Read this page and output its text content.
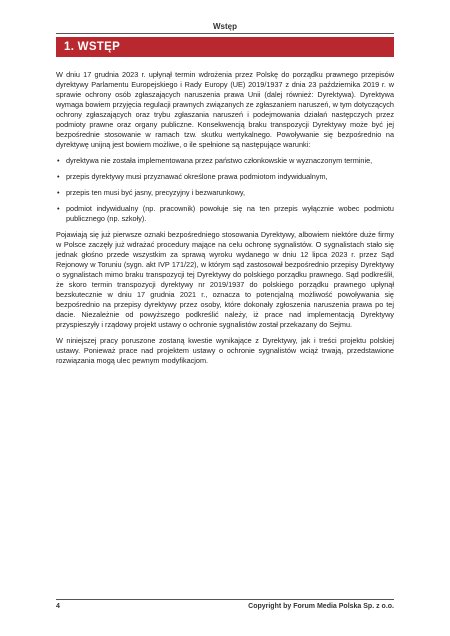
Wstęp
1. WSTĘP

W dniu 17 grudnia 2023 r. upłynął termin wdrożenia przez Polskę do porządku prawnego przepisów dyrektywy Parlamentu Europejskiego i Rady Europy (UE) 2019/1937 z dnia 23 października 2019 r. w sprawie ochrony osób zgłaszających naruszenia prawa Unii (dalej również: Dyrektywa). Dyrektywa wymaga bowiem przyjęcia regulacji prawnych związanych ze zgłaszaniem naruszeń, w tym dotyczących ochrony zgłaszających oraz trybu zgłaszania naruszeń i podejmowania działań następczych przez podmioty prawne oraz organy publiczne. Konsekwencją braku transpozycji Dyrektywy może być jej bezpośrednie stosowanie w ramach tzw. skutku wertykalnego. Powoływanie się bezpośrednio na dyrektywę unijną jest bowiem możliwe, o ile spełnione są następujące warunki:

• dyrektywa nie została implementowana przez państwo członkowskie w wyznaczonym terminie,
• przepis dyrektywy musi przyznawać określone prawa podmiotom indywidualnym,
• przepis ten musi być jasny, precyzyjny i bezwarunkowy,
• podmiot indywidualny (np. pracownik) powołuje się na ten przepis wyłącznie wobec podmiotu publicznego (np. szkoły).

Pojawiają się już pierwsze oznaki bezpośredniego stosowania Dyrektywy, albowiem niektóre duże firmy w Polsce zaczęły już wdrażać procedury mające na celu ochronę sygnalistów. O sygnalistach stało się jednak głośno przede wszystkim za sprawą wyroku wydanego w dniu 12 lipca 2023 r. przez Sąd Rejonowy w Toruniu (sygn. akt IVP 171/22), w którym sąd zastosował bezpośrednio przepisy Dyrektywy o sygnalistach mimo braku transpozycji tej Dyrektywy do polskiego porządku prawnego. Sąd podkreślił, że skoro termin transpozycji dyrektywy nr 2019/1937 do polskiego porządku prawnego upłynął bezskutecznie w dniu 17 grudnia 2021 r., oznacza to potencjalną możliwość powoływania się bezpośrednio na przepisy dyrektywy przez osoby, które dokonały zgłoszenia naruszenia prawa po tej dacie. Niezależnie od powyższego podkreślić należy, iż prace nad implementacją Dyrektywy przyspieszyły i rządowy projekt ustawy o ochronie sygnalistów został przekazany do Sejmu.

W niniejszej pracy poruszone zostaną kwestie wynikające z Dyrektywy, jak i treści projektu polskiej ustawy. Ponieważ prace nad projektem ustawy o ochronie sygnalistów wciąż trwają, przedstawione rozwiązania mogą ulec pewnym modyfikacjom.

4	Copyright by Forum Media Polska Sp. z o.o.
